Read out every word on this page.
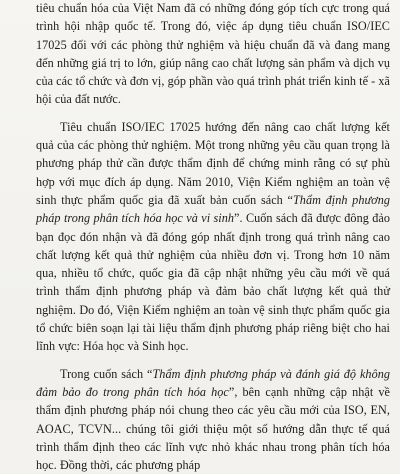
tiêu chuẩn hóa của Việt Nam đã có những đóng góp tích cực trong quá trình hội nhập quốc tế. Trong đó, việc áp dụng tiêu chuẩn ISO/IEC 17025 đối với các phòng thử nghiệm và hiệu chuẩn đã và đang mang đến những giá trị to lớn, giúp nâng cao chất lượng sản phẩm và dịch vụ của các tổ chức và đơn vị, góp phần vào quá trình phát triển kinh tế - xã hội của đất nước.

Tiêu chuẩn ISO/IEC 17025 hướng đến nâng cao chất lượng kết quả của các phòng thử nghiệm. Một trong những yêu cầu quan trọng là phương pháp thử cần được thẩm định để chứng minh rằng có sự phù hợp với mục đích áp dụng. Năm 2010, Viện Kiểm nghiệm an toàn vệ sinh thực phẩm quốc gia đã xuất bản cuốn sách “Thẩm định phương pháp trong phân tích hóa học và vi sinh”. Cuốn sách đã được đông đảo bạn đọc đón nhận và đã đóng góp nhất định trong quá trình nâng cao chất lượng kết quả thử nghiệm của nhiều đơn vị. Trong hơn 10 năm qua, nhiều tổ chức, quốc gia đã cập nhật những yêu cầu mới về quá trình thẩm định phương pháp và đảm bảo chất lượng kết quả thử nghiệm. Do đó, Viện Kiểm nghiệm an toàn vệ sinh thực phẩm quốc gia tổ chức biên soạn lại tài liệu thẩm định phương pháp riêng biệt cho hai lĩnh vực: Hóa học và Sinh học.

Trong cuốn sách “Thẩm định phương pháp và đánh giá độ không đảm bảo đo trong phân tích hóa học”, bên cạnh những cập nhật về thẩm định phương pháp nói chung theo các yêu cầu mới của ISO, EN, AOAC, TCVN... chúng tôi giới thiệu một số hướng dẫn thực tế quá trình thẩm định theo các lĩnh vực nhỏ khác nhau trong phân tích hóa học. Đồng thời, các phương pháp
